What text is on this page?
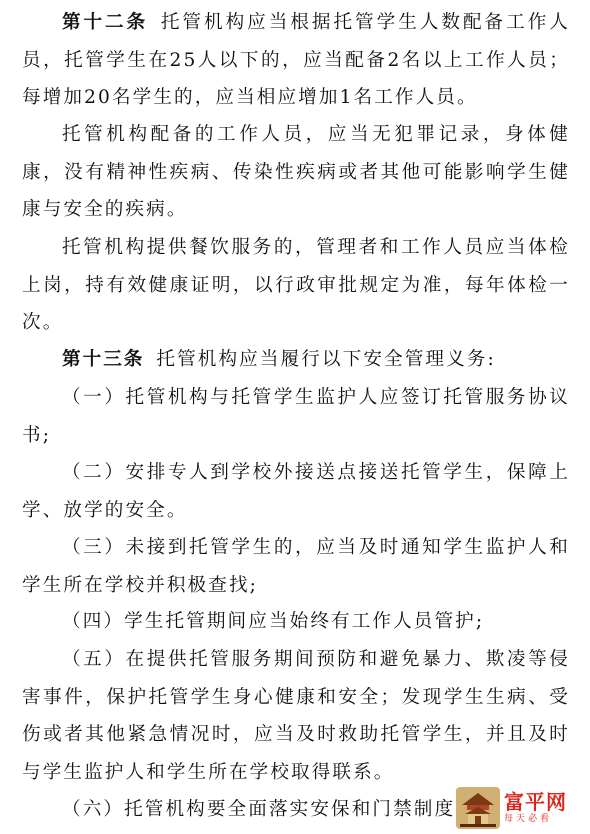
第十二条 托管机构应当根据托管学生人数配备工作人员，托管学生在25人以下的，应当配备2名以上工作人员；每增加20名学生的，应当相应增加1名工作人员。

托管机构配备的工作人员，应当无犯罪记录，身体健康，没有精神性疾病、传染性疾病或者其他可能影响学生健康与安全的疾病。

托管机构提供餐饮服务的，管理者和工作人员应当体检上岗，持有效健康证明，以行政审批规定为准，每年体检一次。

第十三条 托管机构应当履行以下安全管理义务:

（一）托管机构与托管学生监护人应签订托管服务协议书;

（二）安排专人到学校外接送点接送托管学生，保障上学、放学的安全。

（三）未接到托管学生的，应当及时通知学生监护人和学生所在学校并积极查找;

（四）学生托管期间应当始终有工作人员管护;

（五）在提供托管服务期间预防和避免暴力、欺凌等侵害事件，保护托管学生身心健康和安全；发现学生生病、受伤或者其他紧急情况时，应当及时救助托管学生，并且及时与学生监护人和学生所在学校取得联系。

（六）托管机构要全面落实安保和门禁制度	富平网
每天必看
